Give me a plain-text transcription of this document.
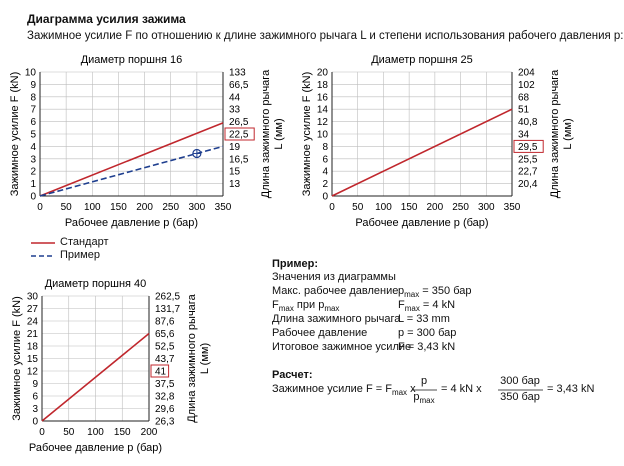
Диаграмма усилия зажима
Зажимное усилие F по отношению к длине зажимного рычага L и степени использования рабочего давления p:
0
1
2
3
4
5
6
7
8
9
10
0 50 100 150 200 250 300 350
133
66,5
44
33
26,5
22,5
19
16,5
15
13
Диаметр поршня 16
Рабочее давление p (бар)
Зажимное усилие F (kN)	Длина зажимного рычага L (мм)
0
2
4
6
8
10
12
14
16
18
20
0 50 100 150 200 250 300 350
204
102
68
51
40,8
34
29,5
25,5
22,7
20,4
Диаметр поршня 25
Рабочее давление p (бар)
Зажимное усилие F (kN)	Длина зажимного рычага L (мм)
0
3
6
9
12
15
18
21
24
27
30
0 50 100 150 200
262,5
131,7
87,6
65,6
52,5
43,7
41
37,5
32,8
29,6
26,3
Диаметр поршня 40
Рабочее давление p (бар)
Зажимное усилие F (kN)	Длина зажимного рычага L (мм)
Стандарт
Пример
Пример:
Значения из диаграммы
Макс. рабочее давление $p_{max} = 350$ бар
$F_{max}$ при $p_{max}$	$F_{max} = 4$ kN
Длина зажимного рычага
L = 33 mm
Рабочее давление	p = 300 бар
Итоговое зажимное усилие
F = 3,43 kN
Расчет:
Зажимное усилие $F = F_{max}$ x
p
$p_{max}$
= 4 kN x
300 бар
350 бар
= 3,43 kN
